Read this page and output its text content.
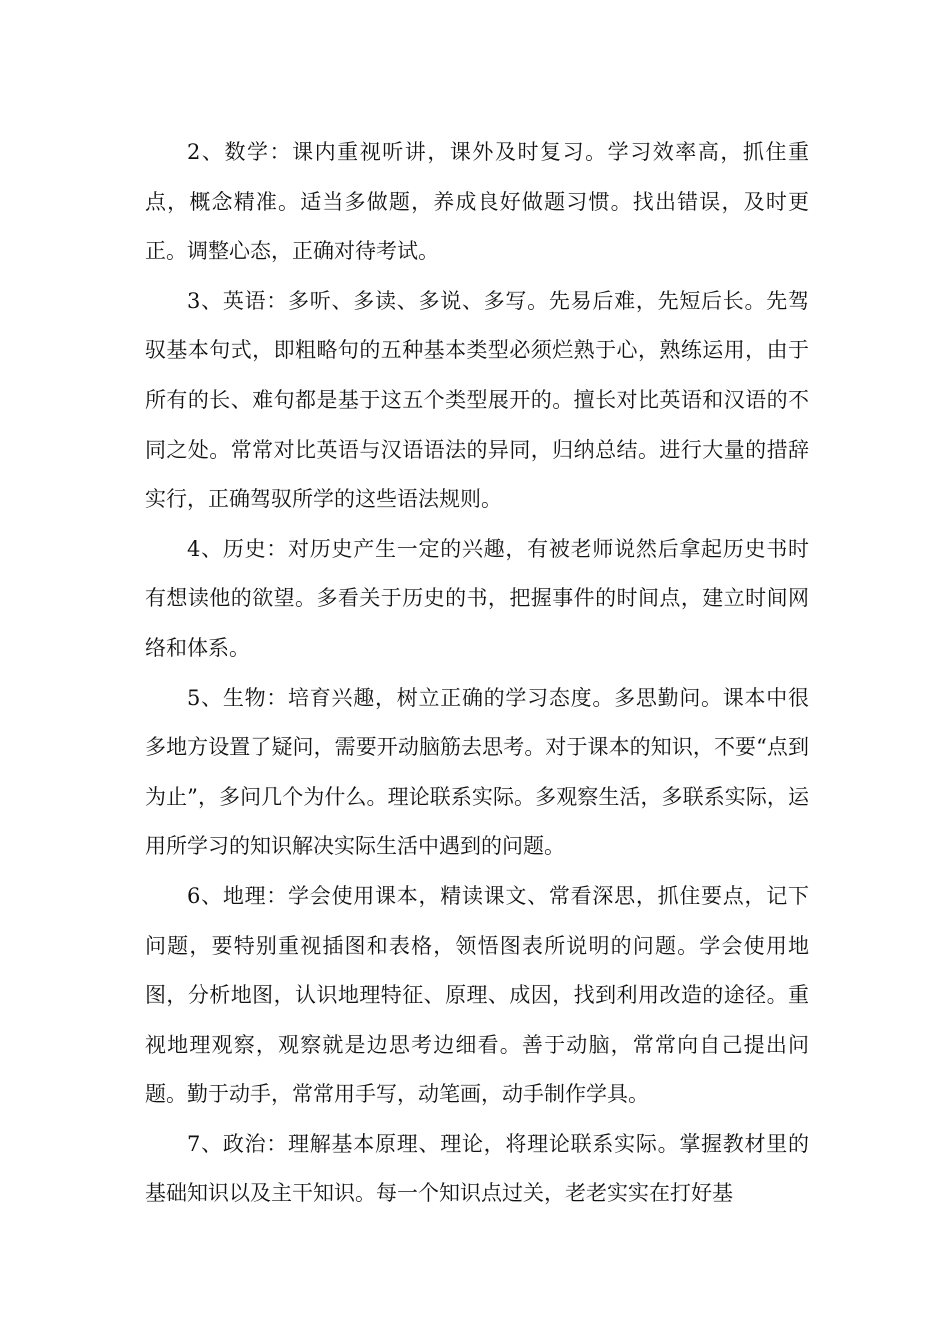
2、数学：课内重视听讲，课外及时复习。学习效率高，抓住重点，概念精准。适当多做题，养成良好做题习惯。找出错误，及时更正。调整心态，正确对待考试。

3、英语：多听、多读、多说、多写。先易后难，先短后长。先驾驭基本句式，即粗略句的五种基本类型必须烂熟于心，熟练运用，由于所有的长、难句都是基于这五个类型展开的。擅长对比英语和汉语的不同之处。常常对比英语与汉语语法的异同，归纳总结。进行大量的措辞实行，正确驾驭所学的这些语法规则。

4、历史：对历史产生一定的兴趣，有被老师说然后拿起历史书时有想读他的欲望。多看关于历史的书，把握事件的时间点，建立时间网络和体系。

5、生物：培育兴趣，树立正确的学习态度。多思勤问。课本中很多地方设置了疑问，需要开动脑筋去思考。对于课本的知识，不要“点到为止”，多问几个为什么。理论联系实际。多观察生活，多联系实际，运用所学习的知识解决实际生活中遇到的问题。

6、地理：学会使用课本，精读课文、常看深思，抓住要点，记下问题，要特别重视插图和表格，领悟图表所说明的问题。学会使用地图，分析地图，认识地理特征、原理、成因，找到利用改造的途径。重视地理观察，观察就是边思考边细看。善于动脑，常常向自己提出问题。勤于动手，常常用手写，动笔画，动手制作学具。

7、政治：理解基本原理、理论，将理论联系实际。掌握教材里的基础知识以及主干知识。每一个知识点过关，老老实实在打好基
